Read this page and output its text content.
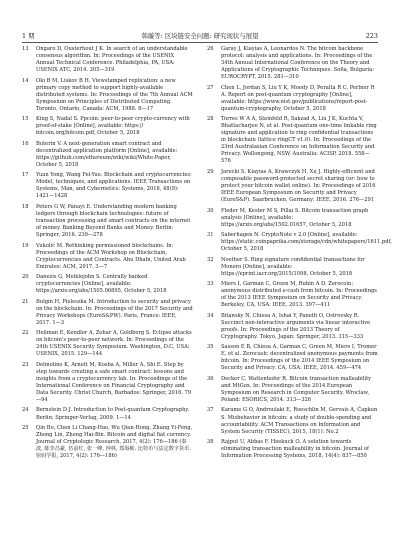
1 期	韩璇等: 区块链安全问题: 研究现状与展望	223
13	Ongaro D, Ousterhout J K. In search of an understandable consensus algorithm. In: Proceedings of the USENIX Annual Technical Conference. Philadelphia, PA, USA: USENIX ATC, 2014. 305—319
14	Oki B M, Liskov B H. Viewstamped replication: a new primary copy method to support highly-available distributed systems. In: Proceedings of the 7th Annual ACM Symposium on Principles of Distributed Computing. Toronto, Ontario, Canada: ACM, 1988. 8—17
15	King S, Nadal S. Ppcoin: peer-to-peer crypto-currency with proof-of-stake [Online], available: https:// bitcoin.org/bitcoin.pdf, October 5, 2018
16	Buterin V. A next-generation smart contract and decentralized application platform [Online], available: https://github.com/ethereum/wiki/wiki/White-Paper, October 5, 2018
17	Yuan Yong, Wang Fei-Yue. Blockchain and cryptocurrencies: Model, techniques, and applications. IEEE Transactions on Systems, Man, and Cybernetics: Systems, 2018, 48(9): 1421—1428
18	Peters G W, Panayi E. Understanding modern banking ledgers through blockchain technologies: future of transaction processing and smart contracts on the internet of money. Banking Beyond Banks and Money. Berlin: Springer, 2016. 239—278
19	Vukolić M. Rethinking permissioned blockchains. In: Proceedings of the ACM Workshop on Blockchain, Cryptocurrencies and Contracts. Abu Dhabi, United Arab Emirates: ACM, 2017. 3—7
20	Danezis G, Meiklejohn S. Centrally banked cryptocurrencies [Online], available: https://arxiv.org/abs/1505.06895, October 5, 2018
21	Bulgin H, Pieleszka M. Introduction to security and privacy on the blockchain. In: Proceedings of the 2017 Security and Privacy Workshops (EuroS&PW). Paris, France: IEEE, 2017. 1—3
22	Heilman E, Kendler A, Zohar A, Goldberg S. Eclipse attacks on bitcoin's peer-to-peer network. In: Proceedings of the 24th USENIX Security Symposium. Washington, D.C, USA: USENIX, 2015. 129—144
23	Delmolino K, Arnett M, Kosba A, Miller A, Shi E. Step by step towards creating a safe smart contract: lessons and insights from a cryptocurrency lab. In: Proceedings of the International Conference on Financial Cryptography and Data Security. Christ Church, Barbados: Springer, 2016. 79—94
24	Bernstein D J. Introduction to Post-quantum Cryptography. Berlin: Springer-Verlag, 2009. 1—14
25	Qin Bo, Chen Li Chang-Hao, Wu Qian-Hong, Zhang Yi-Feng, Zhong Lin, Zheng Hai-Bin. Bitcoin and digital fiat currency. Journal of Cryptologic Research, 2017, 4(2): 176—186 (秦波, 陈李昌豪, 伍前红, 张一峰, 钟林, 郑海彬. 比特币与法定数字货币. 密码学报, 2017, 4(2): 176—186)
26	Garay J, Kiayias A, Leonardos N. The bitcoin backbone protocol: analysis and applications. In: Proceedings of the 34th Annual International Conference on the Theory and Applications of Cryptographic Techniques. Sofia, Bulgaria: EUROCRYPT, 2015. 281—310
27	Chen L, Jordan S, Liu Y K, Moody D, Peralta R C, Perlner R A. Report on post-quantum cryptography [Online], available: https://www.nist.gov/publications/report-post-quantum-cryptography, October 5, 2018
28	Torres W A A, Steinfeld R, Sakzad A, Liu J K, Kuchta V, Bhattacharjee N, et al. Post-quantum one-time linkable ring signature and application to ring confidential transactions in blockchain (lattice ringCT v1.0). In: Proceedings of the 23rd Australasian Conference on Information Security and Privacy. Wollongong, NSW, Australia: ACISP, 2018. 558—576
29	Jarecki S, Kiayias A, Krawczyk H, Xu J. Highly-efficient and composable password-protected secret sharing (or: how to protect your bitcoin wallet online). In: Proceedings of 2016 IEEE European Symposium on Security and Privacy (EuroS&P). Saarbrucken, Germany: IEEE, 2016. 276—291
30	Fleder M, Kester M S, Pillai S. Bitcoin transaction graph analysis [Online], available: https://arxiv.org/abs/1502.01657, October 5, 2018
31	Saberhagen N. CryptoNote v 2.0 [Online], available: https://static.coinpaprika.com/storage/cdn/whitepapers/1611.pdf, October 5, 2018
32	Noether S. Ring signature confidential transactions for Monero [Online], available: https://eprint.iacr.org/2015/1098, October 5, 2018
33	Miers I, Garman C, Green M, Rubin A D. Zerocoin: anonymous distributed e-cash from bitcoin. In: Proceedings of the 2013 IEEE Symposium on Security and Privacy. Berkeley, CA, USA: IEEE, 2013. 397—411
34	Bitansky N, Chiesa A, Ishai Y, Paneth O, Ostrovsky R. Succinct non-interactive arguments via linear interactive proofs. In: Proceedings of the 2013 Theory of Cryptography. Tokyo, Japan: Springer, 2013. 315—333
35	Sasson E B, Chiesa A, Garman C, Green M, Miers I, Tromer E, et al. Zerocash: decentralized anonymous payments from bitcoin. In: Proceedings of the 2014 IEEE Symposium on Security and Privacy. CA, USA: IEEE, 2014. 459—474
36	Decker C, Wattenhofer R. Bitcoin transaction malleability and MtGox. In: Proceedings of the 2014 European Symposium on Research in Computer Security. Wroclaw, Poland: ESORICS, 2014. 313—326
37	Karame G O, Androulaki E, Roeschlin M, Gervais A, Čapkun S. Misbehavior in bitcoin: a study of double-spending and accountability. ACM Transactions on Information and System Security (TISSEC), 2015, 18(1): No.2
38	Rajput U, Abbas F, Heekuck O. A solution towards eliminating transaction malleability in bitcoin. Journal of Information Processing Systems, 2018, 14(4): 837—850
